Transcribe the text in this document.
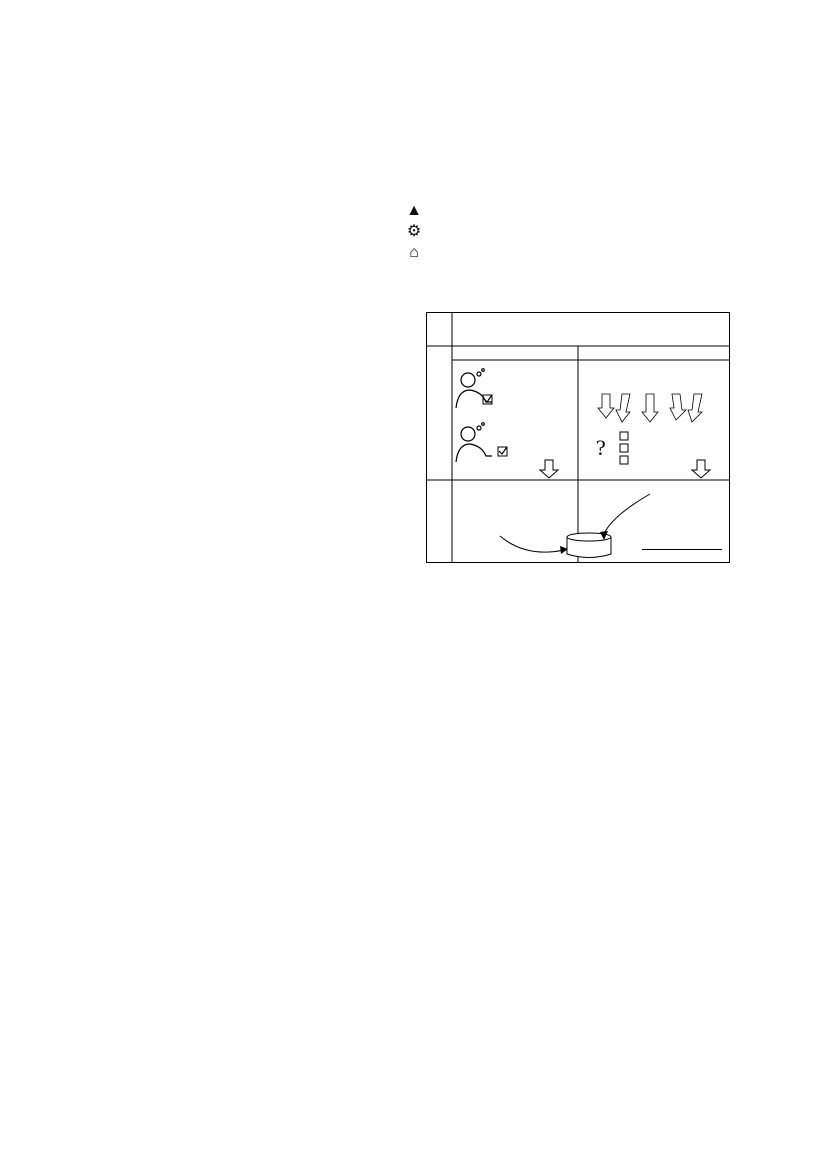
▲
⚙
⌂
?
